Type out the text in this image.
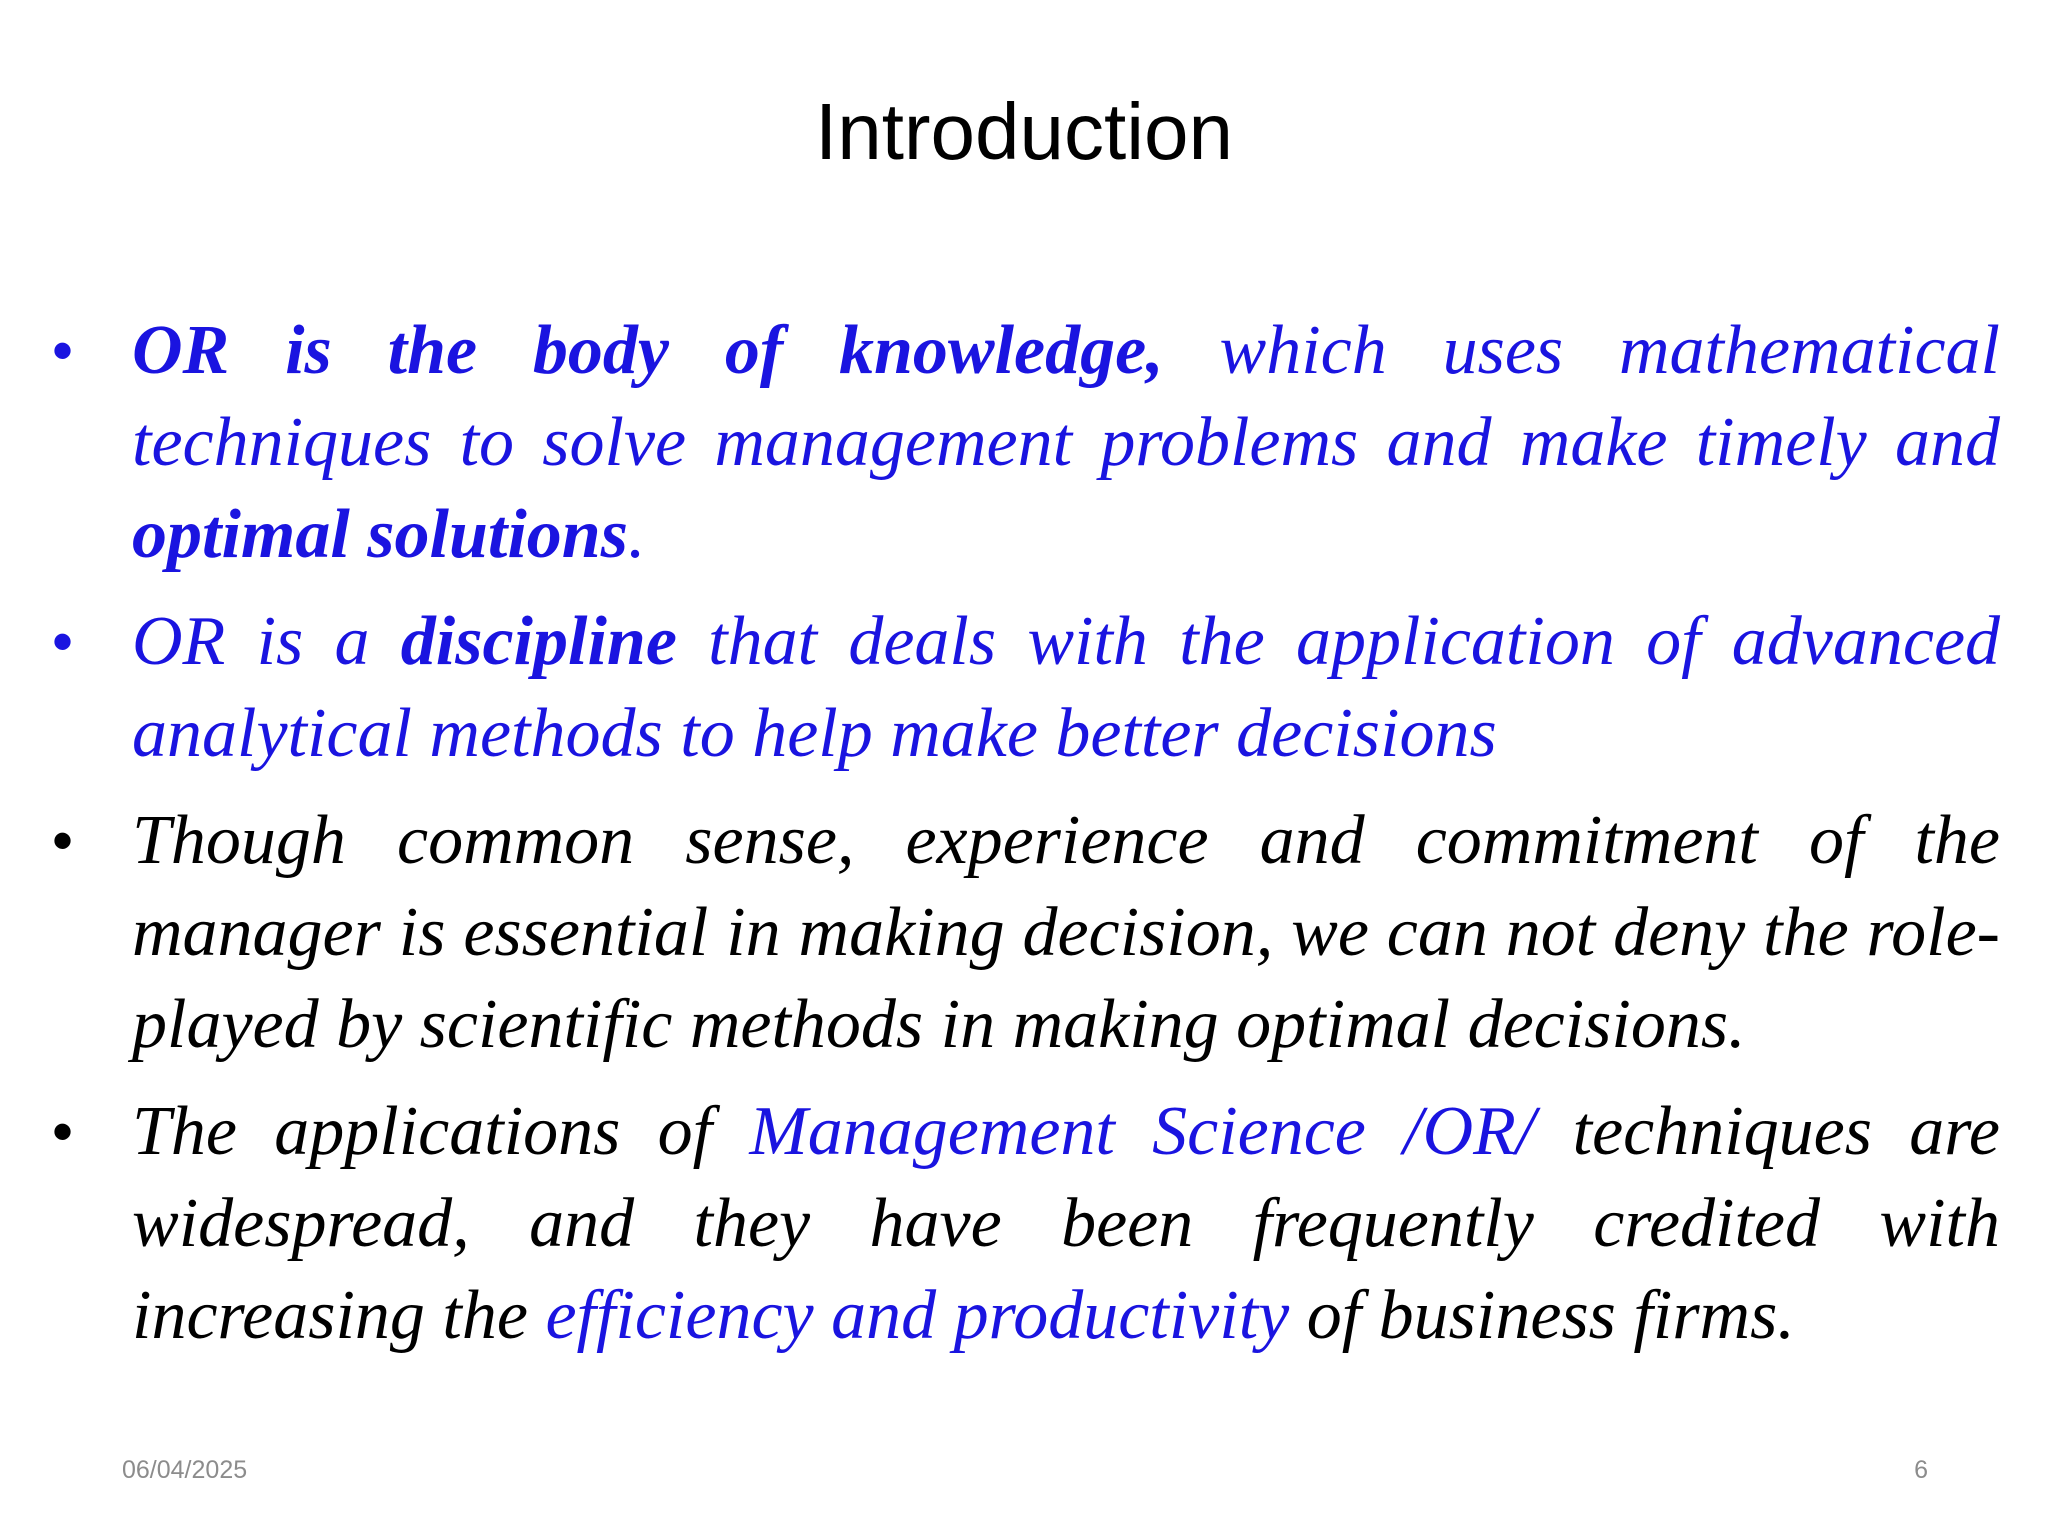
Introduction
• OR is the body of knowledge, which uses mathematical techniques to solve management problems and make timely and optimal solutions.
• OR is a discipline that deals with the application of advanced analytical methods to help make better decisions
• Though common sense, experience and commitment of the manager is essential in making decision, we can not deny the role-played by scientific methods in making optimal decisions.
• The applications of Management Science /OR/ techniques are widespread, and they have been frequently credited with increasing the efficiency and productivity of business firms.
06/04/2025	6
